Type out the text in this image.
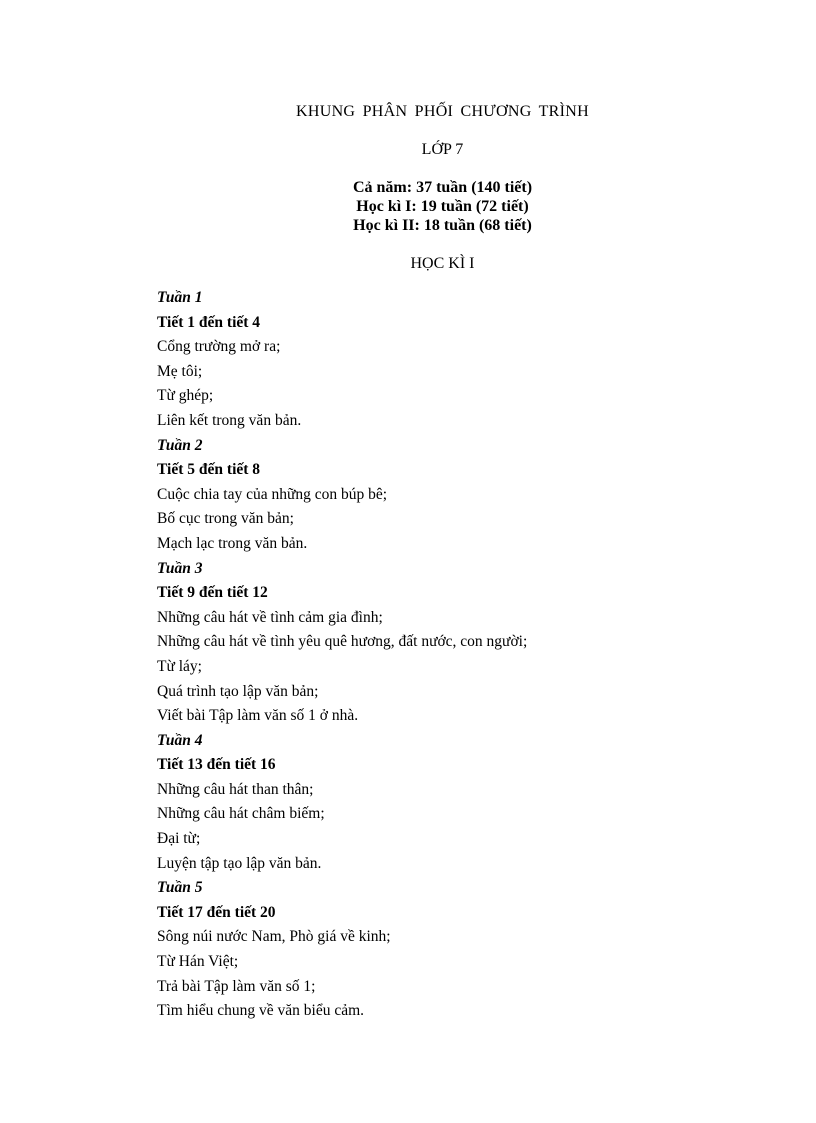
KHUNG PHÂN PHỐI CHƯƠNG TRÌNH
LỚP 7
Cả năm: 37 tuần (140 tiết)
Học kì I: 19 tuần (72 tiết)
Học kì II: 18 tuần (68 tiết)
HỌC KÌ I
Tuần 1
Tiết 1 đến tiết 4
Cổng trường mở ra;
Mẹ tôi;
Từ ghép;
Liên kết trong văn bản.
Tuần 2
Tiết 5 đến tiết 8
Cuộc chia tay của những con búp bê;
Bố cục trong văn bản;
Mạch lạc trong văn bản.
Tuần 3
Tiết 9 đến tiết 12
Những câu hát về tình cảm gia đình;
Những câu hát về tình yêu quê hương, đất nước, con người;
Từ láy;
Quá trình tạo lập văn bản;
Viết bài Tập làm văn số 1 ở nhà.
Tuần 4
Tiết 13 đến tiết 16
Những câu hát than thân;
Những câu hát châm biếm;
Đại từ;
Luyện tập tạo lập văn bản.
Tuần 5
Tiết 17 đến tiết 20
Sông núi nước Nam, Phò giá về kinh;
Từ Hán Việt;
Trả bài Tập làm văn số 1;
Tìm hiểu chung về văn biểu cảm.
